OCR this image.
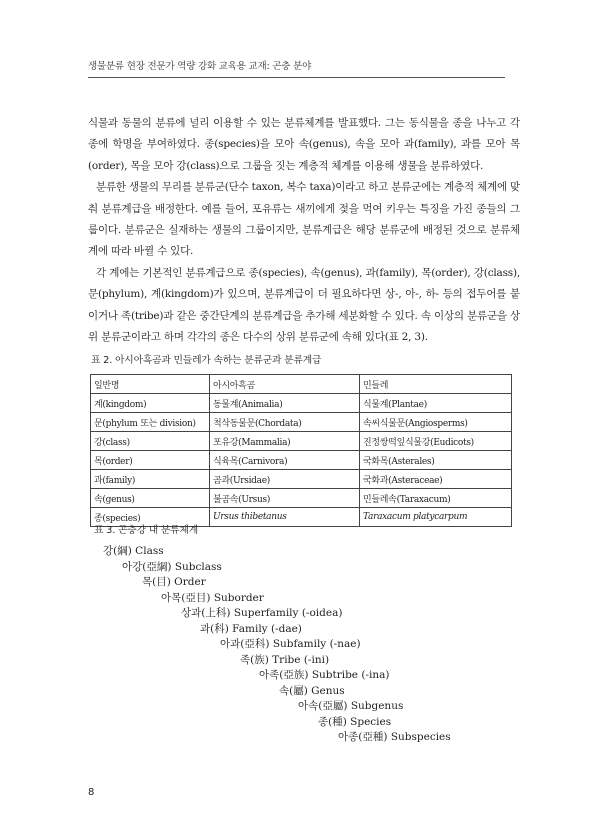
생물분류 현장 전문가 역량 강화 교육용 교재: 곤충 분야

식물과 동물의 분류에 널리 이용할 수 있는 분류체계를 발표했다. 그는 동식물을 종을 나누고 각 종에 학명을 부여하였다. 종(species)을 모아 속(genus), 속을 모아 과(family), 과를 모아 목(order), 목을 모아 강(class)으로 그룹을 짓는 계층적 체계를 이용해 생물을 분류하였다.

분류한 생물의 무리를 분류군(단수 taxon, 복수 taxa)이라고 하고 분류군에는 계층적 체계에 맞춰 분류계급을 배정한다. 예를 들어, 포유류는 새끼에게 젖을 먹여 키우는 특징을 가진 종들의 그룹이다. 분류군은 실재하는 생물의 그룹이지만, 분류계급은 해당 분류군에 배정된 것으로 분류체계에 따라 바뀔 수 있다.

각 계에는 기본적인 분류계급으로 종(species), 속(genus), 과(family), 목(order), 강(class), 문(phylum), 계(kingdom)가 있으며, 분류계급이 더 필요하다면 상-, 아-, 하- 등의 접두어를 붙이거나 족(tribe)과 같은 중간단계의 분류계급을 추가해 세분화할 수 있다. 속 이상의 분류군을 상위 분류군이라고 하며 각각의 종은 다수의 상위 분류군에 속해 있다(표 2, 3).

표 2. 아시아흑곰과 민들레가 속하는 분류군과 분류계급
일반명	아시아흑곰	민들레
계(kingdom)	동물계(Animalia)	식물계(Plantae)
문(phylum 또는 division)	척삭동물문(Chordata)	속씨식물문(Angiosperms)
강(class)	포유강(Mammalia)	진정쌍떡잎식물강(Eudicots)
목(order)	식육목(Carnivora)	국화목(Asterales)
과(family)	곰과(Ursidae)	국화과(Asteraceae)
속(genus)	불곰속(Ursus)	민들레속(Taraxacum)
종(species)	Ursus thibetanus	Taraxacum platycarpum
표 3. 곤충강 내 분류체계
강(綱) Class
아강(亞綱) Subclass
목(目) Order
아목(亞目) Suborder
상과(上科) Superfamily (-oidea)
과(科) Family (-dae)
아과(亞科) Subfamily (-nae)
족(族) Tribe (-ini)
아족(亞族) Subtribe (-ina)
속(屬) Genus
아속(亞屬) Subgenus
종(種) Species
아종(亞種) Subspecies
8
